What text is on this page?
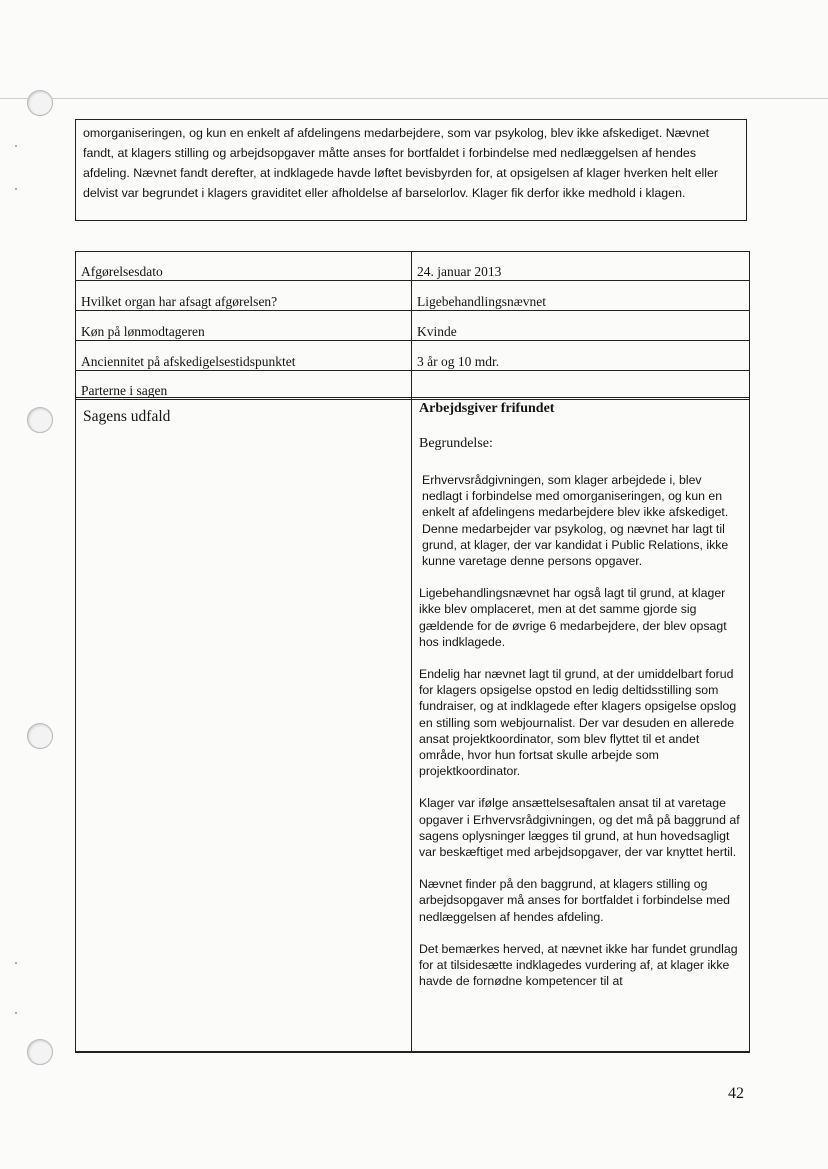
omorganiseringen, og kun en enkelt af afdelingens medarbejdere, som var psykolog, blev ikke afskediget. Nævnet fandt, at klagers stilling og arbejdsopgaver måtte anses for bortfaldet i forbindelse med nedlæggelsen af hendes afdeling. Nævnet fandt derefter, at indklagede havde løftet bevisbyrden for, at opsigelsen af klager hverken helt eller delvist var begrundet i klagers graviditet eller afholdelse af barselorlov. Klager fik derfor ikke medhold i klagen.
Afgørelsesdato	24. januar 2013
Hvilket organ har afsagt afgørelsen?	Ligebehandlingsnævnet
Køn på lønmodtageren	Kvinde
Anciennitet på afskedigelsestidspunktet	3 år og 10 mdr.
Parterne i sagen	
Sagens udfald	Arbejdsgiver frifundet
Begrundelse:
Erhvervsrådgivningen, som klager arbejdede i, blev nedlagt i forbindelse med omorganiseringen, og kun en enkelt af afdelingens medarbejdere blev ikke afskediget. Denne medarbejder var psykolog, og nævnet har lagt til grund, at klager, der var kandidat i Public Relations, ikke kunne varetage denne persons opgaver.
Ligebehandlingsnævnet har også lagt til grund, at klager ikke blev omplaceret, men at det samme gjorde sig gældende for de øvrige 6 medarbejdere, der blev opsagt hos indklagede.
Endelig har nævnet lagt til grund, at der umiddelbart forud for klagers opsigelse opstod en ledig deltidsstilling som fundraiser, og at indklagede efter klagers opsigelse opslog en stilling som webjournalist. Der var desuden en allerede ansat projektkoordinator, som blev flyttet til et andet område, hvor hun fortsat skulle arbejde som projektkoordinator.
Klager var ifølge ansættelsesaftalen ansat til at varetage opgaver i Erhvervsrådgivningen, og det må på baggrund af sagens oplysninger lægges til grund, at hun hovedsagligt var beskæftiget med arbejdsopgaver, der var knyttet hertil.
Nævnet finder på den baggrund, at klagers stilling og arbejdsopgaver må anses for bortfaldet i forbindelse med nedlæggelsen af hendes afdeling.
Det bemærkes herved, at nævnet ikke har fundet grundlag for at tilsidesætte indklagedes vurdering af, at klager ikke havde de fornødne kompetencer til at
42
